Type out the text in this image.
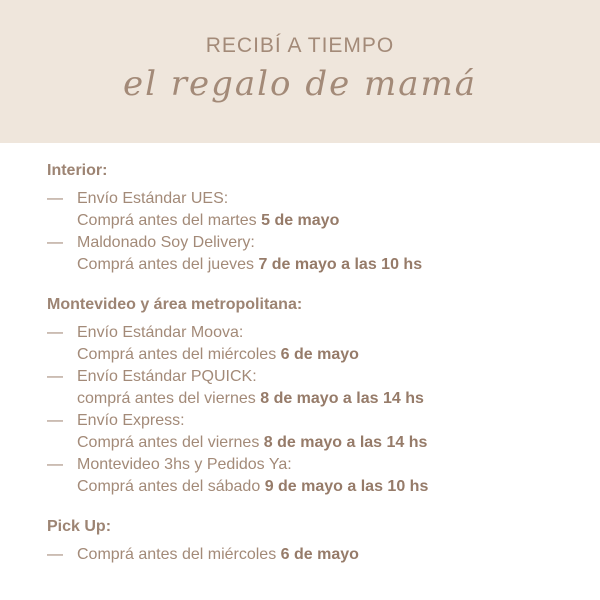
RECIBÍ A TIEMPO
el regalo de mamá
Interior:
— Envío Estándar UES:
Comprá antes del martes 5 de mayo
— Maldonado Soy Delivery:
Comprá antes del jueves 7 de mayo a las 10 hs
Montevideo y área metropolitana:
— Envío Estándar Moova:
Comprá antes del miércoles 6 de mayo
— Envío Estándar PQUICK:
comprá antes del viernes 8 de mayo a las 14 hs
— Envío Express:
Comprá antes del viernes 8 de mayo a las 14 hs
— Montevideo 3hs y Pedidos Ya:
Comprá antes del sábado 9 de mayo a las 10 hs
Pick Up:
— Comprá antes del miércoles 6 de mayo
